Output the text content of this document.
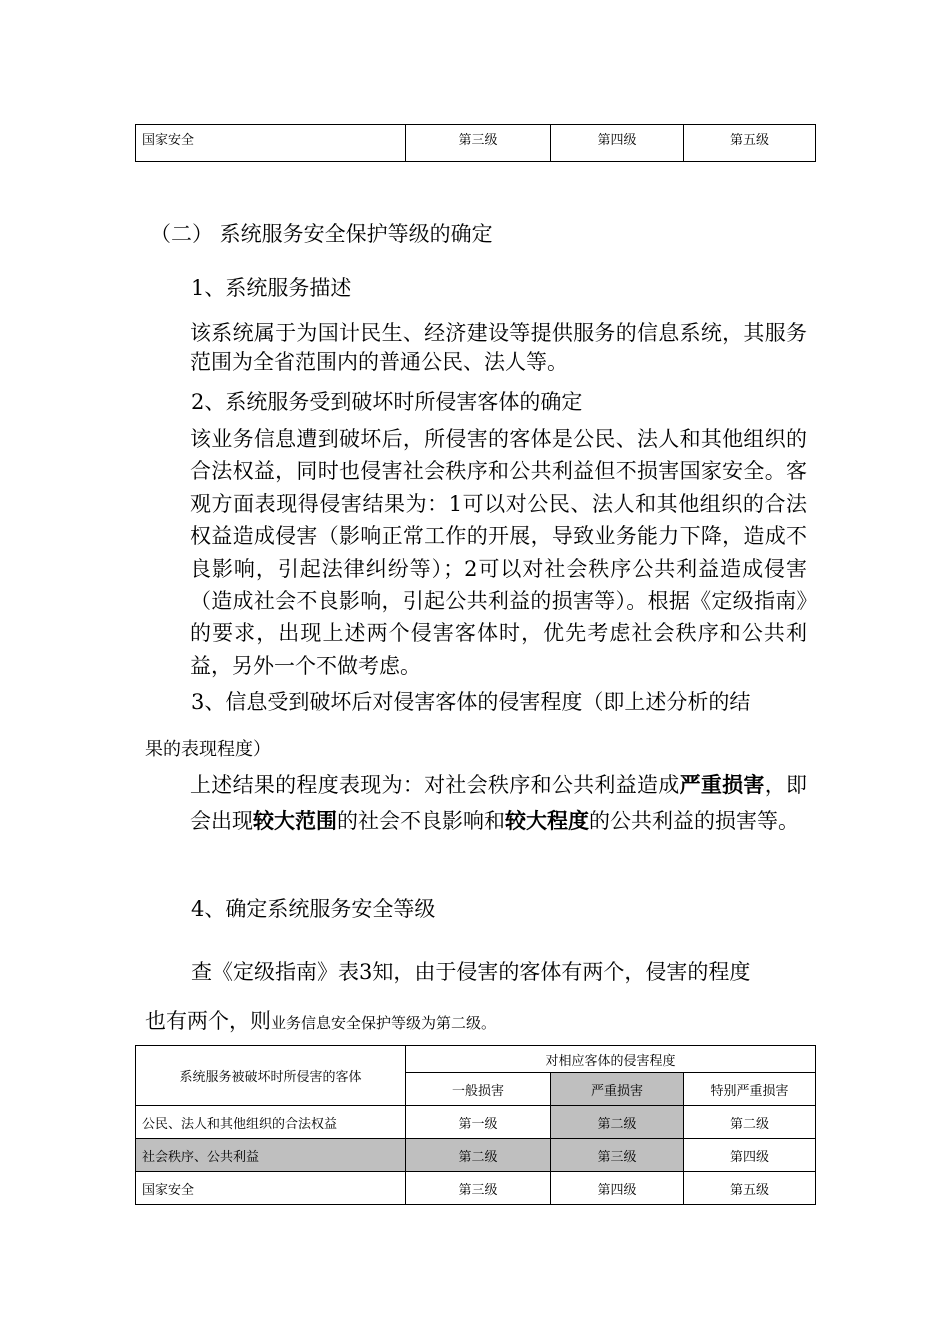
国家安全	第三级	第四级	第五级

（二） 系统服务安全保护等级的确定

1、系统服务描述

该系统属于为国计民生、经济建设等提供服务的信息系统，其服务范围为全省范围内的普通公民、法人等。

2、系统服务受到破坏时所侵害客体的确定

该业务信息遭到破坏后，所侵害的客体是公民、法人和其他组织的合法权益，同时也侵害社会秩序和公共利益但不损害国家安全。客观方面表现得侵害结果为：1可以对公民、法人和其他组织的合法权益造成侵害（影响正常工作的开展，导致业务能力下降，造成不良影响，引起法律纠纷等）；2可以对社会秩序公共利益造成侵害（造成社会不良影响，引起公共利益的损害等）。根据《定级指南》的要求，出现上述两个侵害客体时，优先考虑社会秩序和公共利益，另外一个不做考虑。

3、信息受到破坏后对侵害客体的侵害程度（即上述分析的结

果的表现程度）

上述结果的程度表现为：对社会秩序和公共利益造成严重损害，即会出现较大范围的社会不良影响和较大程度的公共利益的损害等。

4、确定系统服务安全等级

查《定级指南》表3知，由于侵害的客体有两个，侵害的程度

也有两个，则业务信息安全保护等级为第二级。

系统服务被破坏时所侵害的客体	对相应客体的侵害程度		
	一般损害	严重损害	特别严重损害
公民、法人和其他组织的合法权益	第一级	第二级	第二级
社会秩序、公共利益	第二级	第三级	第四级
国家安全	第三级	第四级	第五级
